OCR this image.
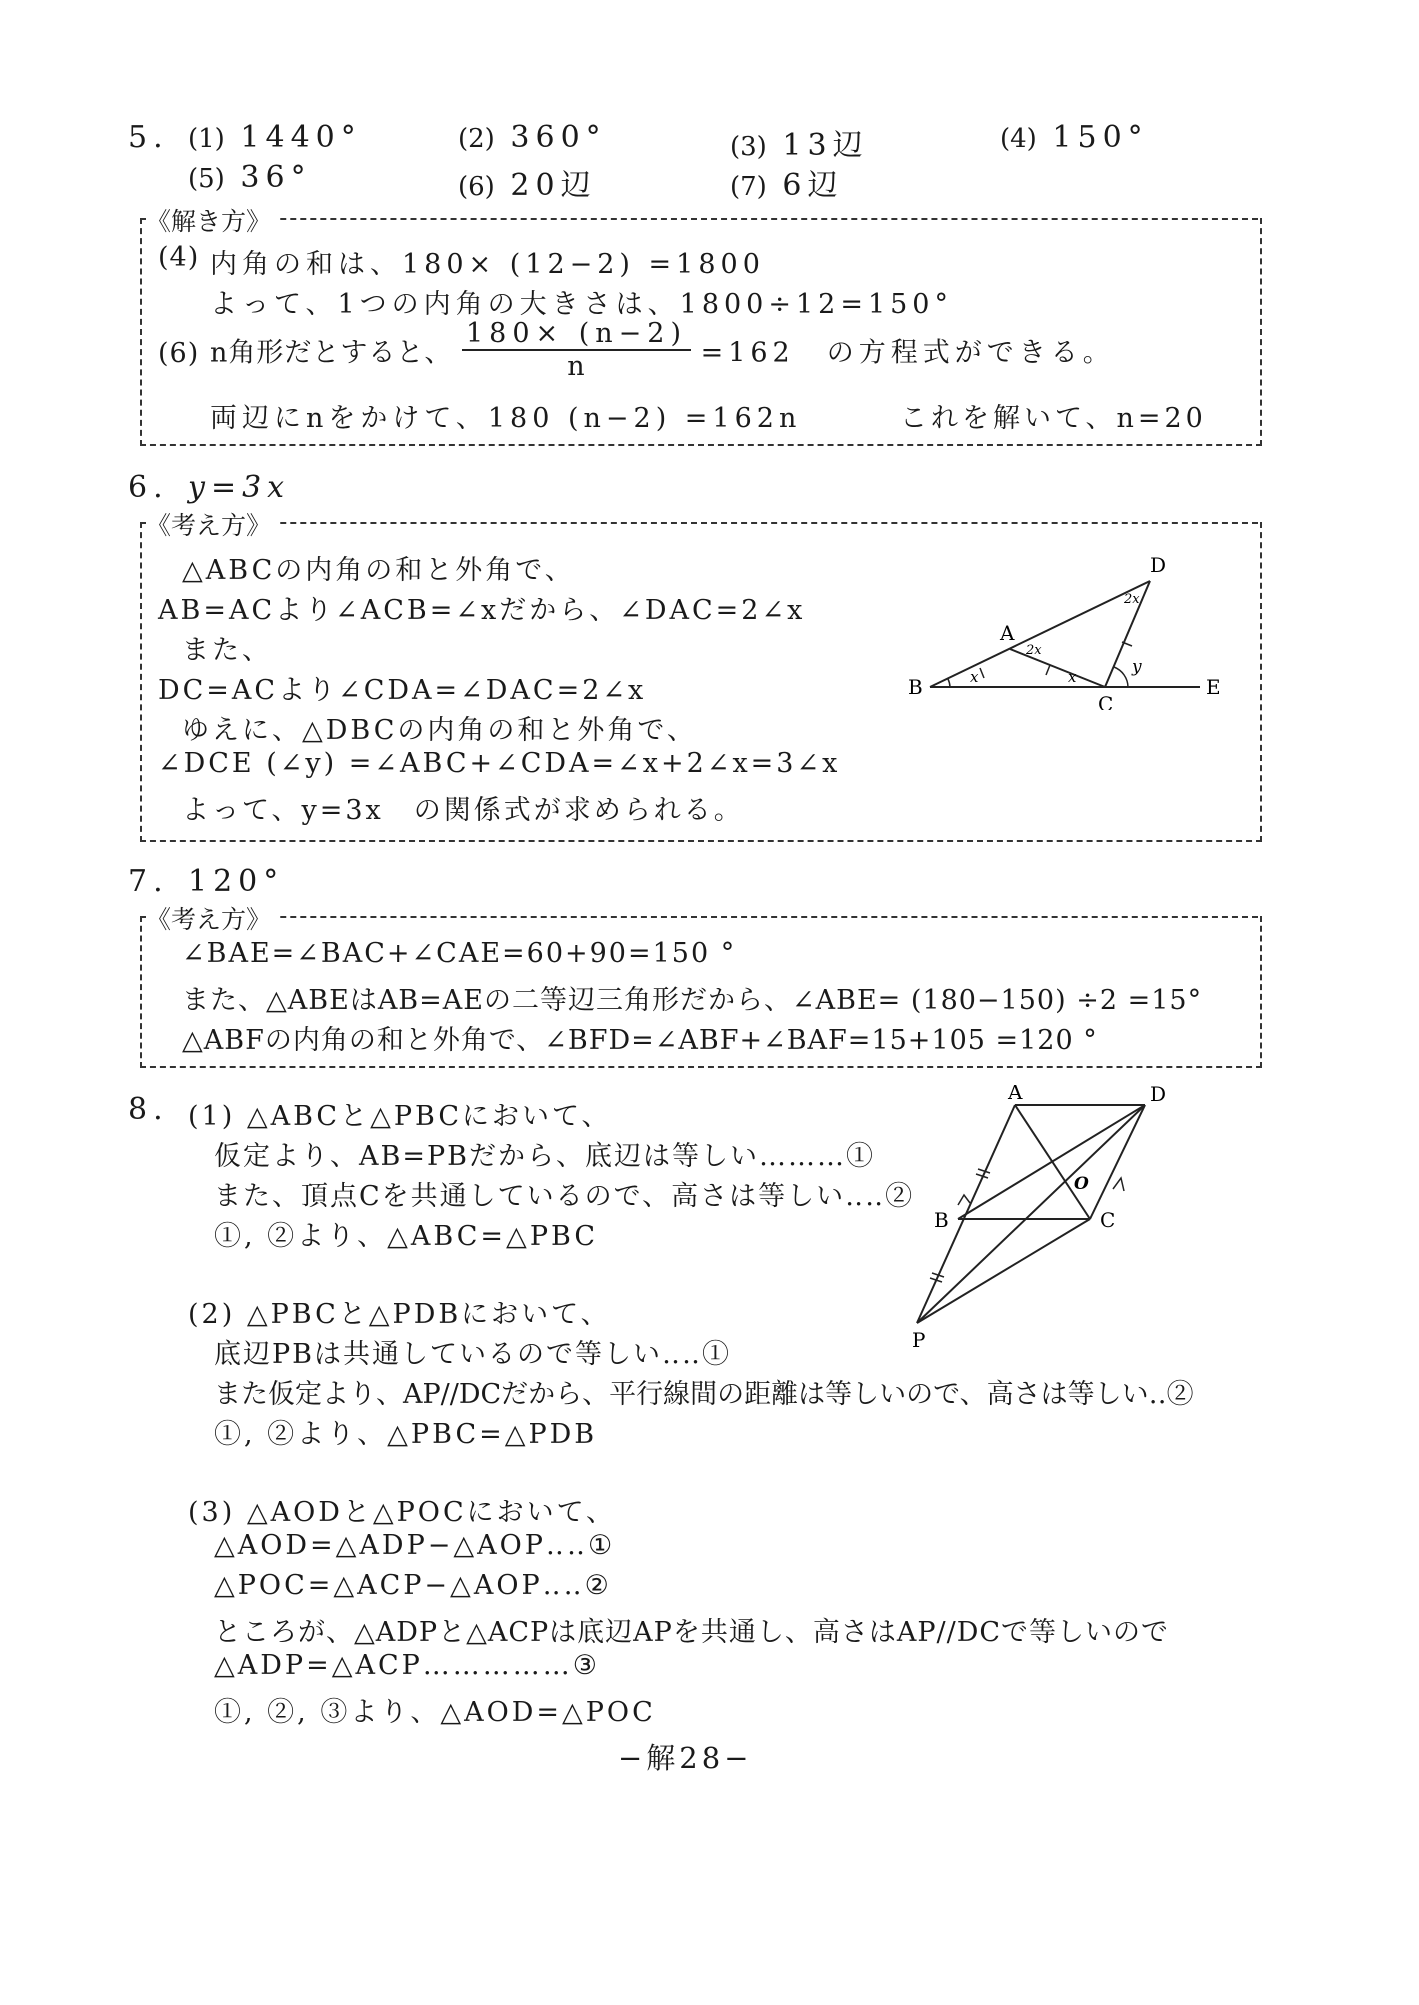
5. (1) 1440°	(2) 360°	(3) 13辺	(4) 150°
(5) 36°	(6) 20辺	(7) 6辺
《解き方》
(4) 内角の和は、180× (12−2) =1800
よって、1つの内角の大きさは、1800÷12=150°
(6) n角形だとすると、 $\frac{180\times (n-2)}{n} =162$　の方程式ができる。
両辺にnをかけて、180 (n−2) =162n	これを解いて、n=20
6. y=3x
《考え方》
△ABCの内角の和と外角で、
AB=ACより∠ACB=∠xだから、∠DAC=2∠x
また、
DC=ACより∠CDA=∠DAC=2∠x
ゆえに、△DBCの内角の和と外角で、
∠DCE (∠y) =∠ABC+∠CDA=∠x+2∠x=3∠x
よって、y=3x　の関係式が求められる。
B
A
C
D
E
x	x
2x
2x
y
7. 120°
《考え方》
∠BAE=∠BAC+∠CAE=60+90=150 °
また、△ABEはAB=AEの二等辺三角形だから、∠ABE= (180−150) ÷2 =15°
△ABFの内角の和と外角で、∠BFD=∠ABF+∠BAF=15+105 =120 °
8. (1) △ABCと△PBCにおいて、
仮定より、AB=PBだから、底辺は等しい………①
また、頂点Cを共通しているので、高さは等しい‥‥②
①, ②より、△ABC=△PBC
(2) △PBCと△PDBにおいて、
底辺PBは共通しているので等しい‥‥①
また仮定より、AP//DCだから、平行線間の距離は等しいので、高さは等しい‥②
①, ②より、△PBC=△PDB
(3) △AODと△POCにおいて、
△AOD=△ADP−△AOP‥‥①
△POC=△ACP−△AOP‥‥②
ところが、△ADPと△ACPは底辺APを共通し、高さはAP//DCで等しいので
△ADP=△ACP……………③
①, ②, ③より、△AOD=△POC
A	D
B	C
O
P
−解28−
